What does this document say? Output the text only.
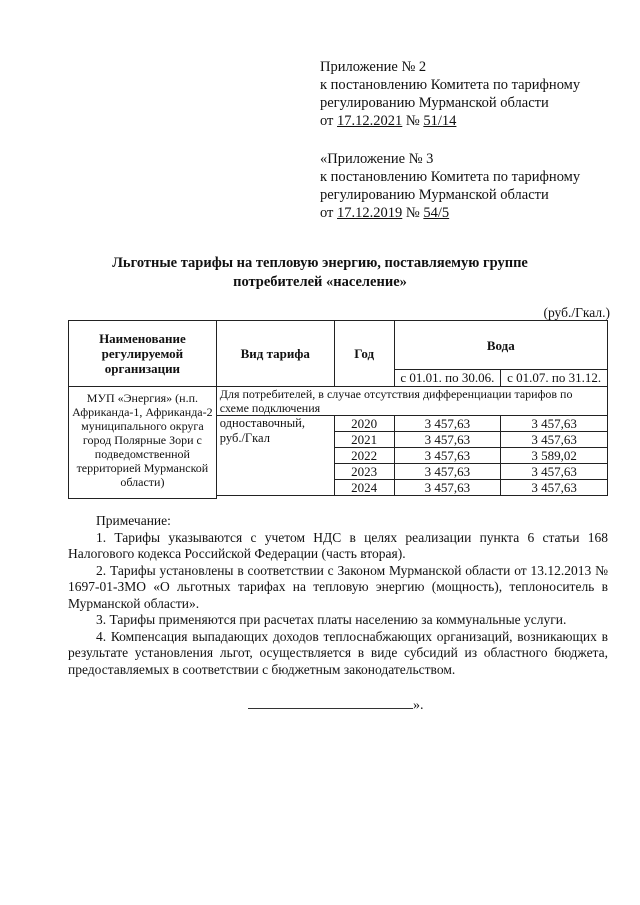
Приложение № 2
к постановлению Комитета по тарифному
регулированию Мурманской области
от 17.12.2021 № 51/14
«Приложение № 3
к постановлению Комитета по тарифному
регулированию Мурманской области
от 17.12.2019 № 54/5
Льготные тарифы на тепловую энергию, поставляемую группе
потребителей «население»
(руб./Гкал.)
Наименование регулируемой организации	Вид тарифа	Год	Вода	
			с 01.01. по 30.06.	с 01.07. по 31.12.
МУП «Энергия» (н.п. Африканда-1, Африканда-2 муниципального округа город Полярные Зори с подведомственной территорией Мурманской области)	Для потребителей, в случае отсутствия дифференциации тарифов по схеме подключения			
	одноставочный, руб./Гкал	2020	3 457,63	3 457,63
		2021	3 457,63	3 457,63
		2022	3 457,63	3 589,02
		2023	3 457,63	3 457,63
		2024	3 457,63	3 457,63

Примечание:

1. Тарифы указываются с учетом НДС в целях реализации пункта 6 статьи 168 Налогового кодекса Российской Федерации (часть вторая).

2. Тарифы установлены в соответствии с Законом Мурманской области от 13.12.2013 № 1697-01-ЗМО «О льготных тарифах на тепловую энергию (мощность), теплоноситель в Мурманской области».

3. Тарифы применяются при расчетах платы населению за коммунальные услуги.

4. Компенсация выпадающих доходов теплоснабжающих организаций, возникающих в результате установления льгот, осуществляется в виде субсидий из областного бюджета, предоставляемых в соответствии с бюджетным законодательством.

».
